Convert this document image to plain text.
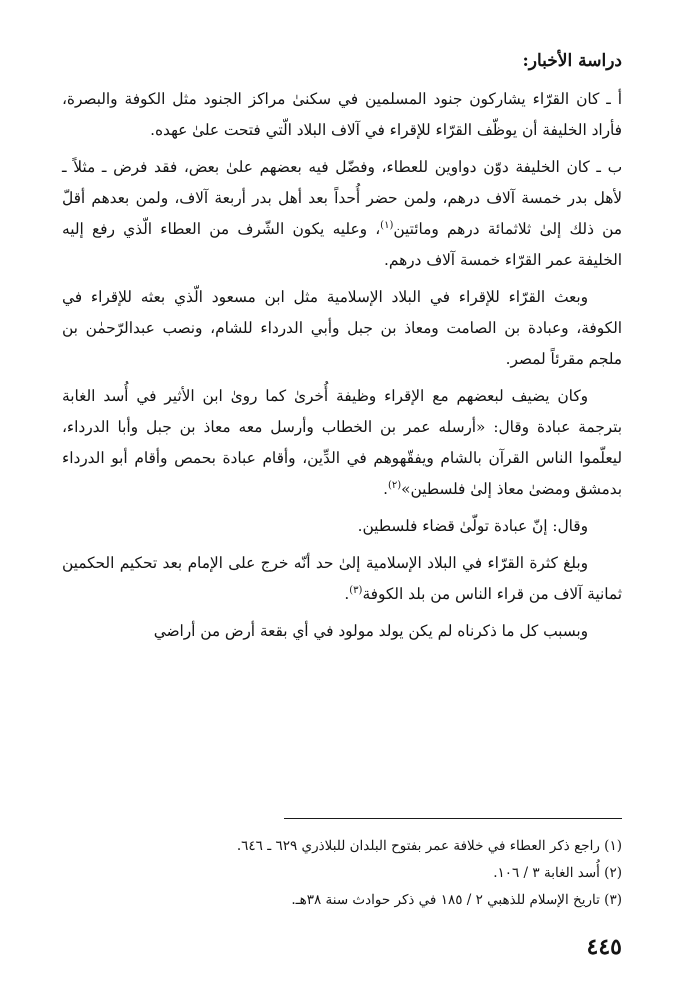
دراسة الأخبار:

أ ـ كان القرّاء يشاركون جنود المسلمين في سكنىٰ مراكز الجنود مثل الكوفة والبصرة، فأراد الخليفة أن يوظّف القرّاء للإقراء في آلاف البلاد الّتي فتحت علىٰ عهده.

ب ـ كان الخليفة دوّن دواوين للعطاء، وفضّل فيه بعضهم علىٰ بعض، فقد فرض ـ مثلاً ـ لأهل بدر خمسة آلاف درهم، ولمن حضر أُحداً بعد أهل بدر أربعة آلاف، ولمن بعدهم أقلّ من ذلك إلىٰ ثلاثمائة درهم ومائتين$^{(١)}$، وعليه يكون الشّرف من العطاء الّذي رفع إليه الخليفة عمر القرّاء خمسة آلاف درهم.

وبعث القرّاء للإقراء في البلاد الإسلامية مثل ابن مسعود الّذي بعثه للإقراء في الكوفة، وعبادة بن الصامت ومعاذ بن جبل وأبي الدرداء للشام، ونصب عبدالرّحمٰن بن ملجم مقرئاً لمصر.

وكان يضيف لبعضهم مع الإقراء وظيفة أُخرىٰ كما روىٰ ابن الأثير في أُسد الغابة بترجمة عبادة وقال: «أرسله عمر بن الخطاب وأرسل معه معاذ بن جبل وأبا الدرداء، ليعلّموا الناس القرآن بالشام ويفقّهوهم في الدِّين، وأقام عبادة بحمص وأقام أبو الدرداء بدمشق ومضىٰ معاذ إلىٰ فلسطين»$^{(٢)}$.

وقال: إنّ عبادة تولّىٰ قضاء فلسطين.

وبلغ كثرة القرّاء في البلاد الإسلامية إلىٰ حد أنّه خرج على الإمام بعد تحكيم الحكمين ثمانية آلاف من قراء الناس من بلد الكوفة$^{(٣)}$.

وبسبب كل ما ذكرناه لم يكن يولد مولود في أي بقعة أرض من أراضي

(١) راجع ذكر العطاء في خلافة عمر بفتوح البلدان للبلاذري ٦٢٩ ـ ٦٤٦.
(٢) أُسد الغابة ٣ / ١٠٦.
(٣) تاريخ الإسلام للذهبي ٢ / ١٨٥ في ذكر حوادث سنة ٣٨هـ.
٤٤٥
